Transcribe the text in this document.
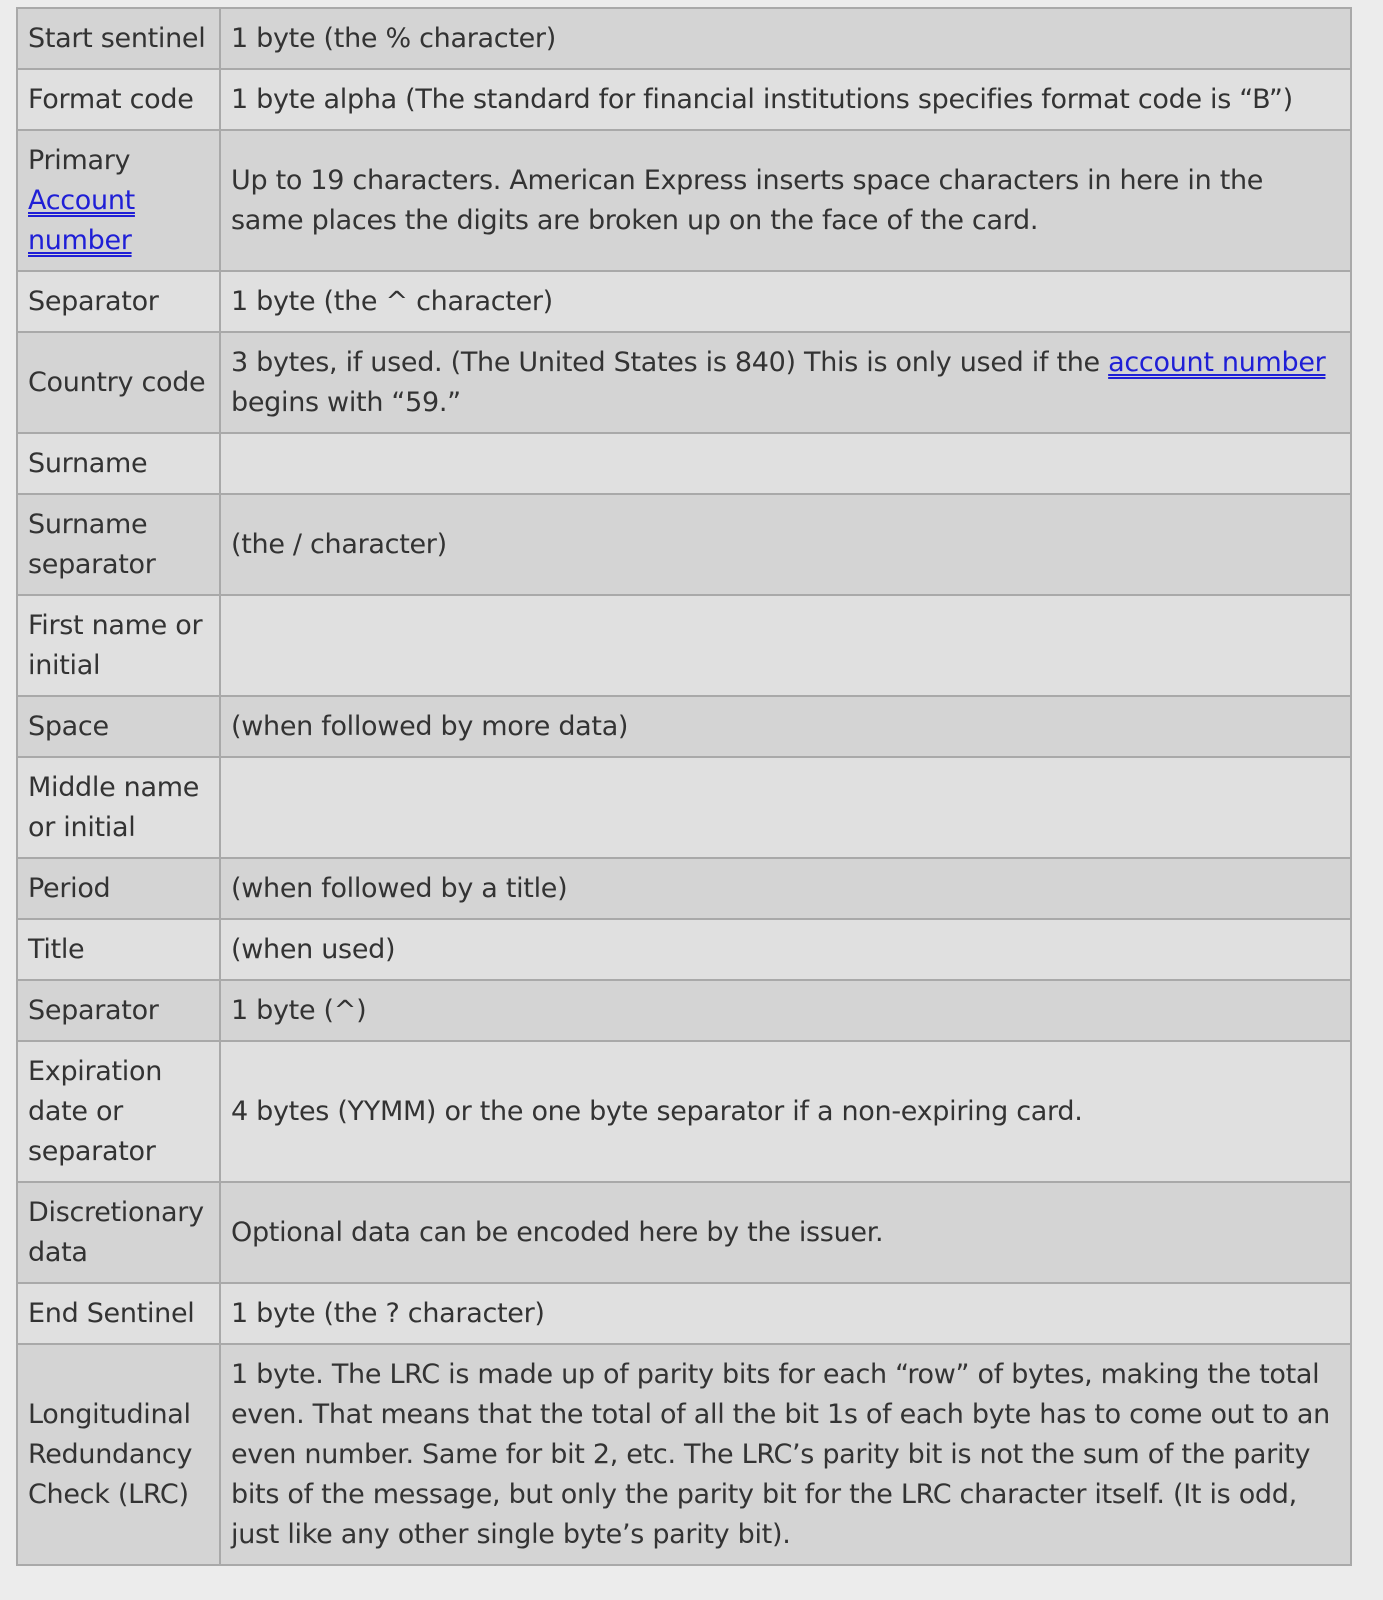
Start sentinel	1 byte (the % character)
Format code	1 byte alpha (The standard for financial institutions specifies format code is “B”)
Primary Account number	Up to 19 characters. American Express inserts space characters in here in the same places the digits are broken up on the face of the card.
Separator	1 byte (the ^ character)
Country code	3 bytes, if used. (The United States is 840) This is only used if the account number begins with “59.”
Surname	
Surname separator	(the / character)
First name or initial	
Space	(when followed by more data)
Middle name or initial	
Period	(when followed by a title)
Title	(when used)
Separator	1 byte (^)
Expiration date or separator	4 bytes (YYMM) or the one byte separator if a non-expiring card.
Discretionary data	Optional data can be encoded here by the issuer.
End Sentinel	1 byte (the ? character)
Longitudinal Redundancy Check (LRC)	1 byte. The LRC is made up of parity bits for each “row” of bytes, making the total even. That means that the total of all the bit 1s of each byte has to come out to an even number. Same for bit 2, etc. The LRC’s parity bit is not the sum of the parity bits of the message, but only the parity bit for the LRC character itself. (It is odd, just like any other single byte’s parity bit).
